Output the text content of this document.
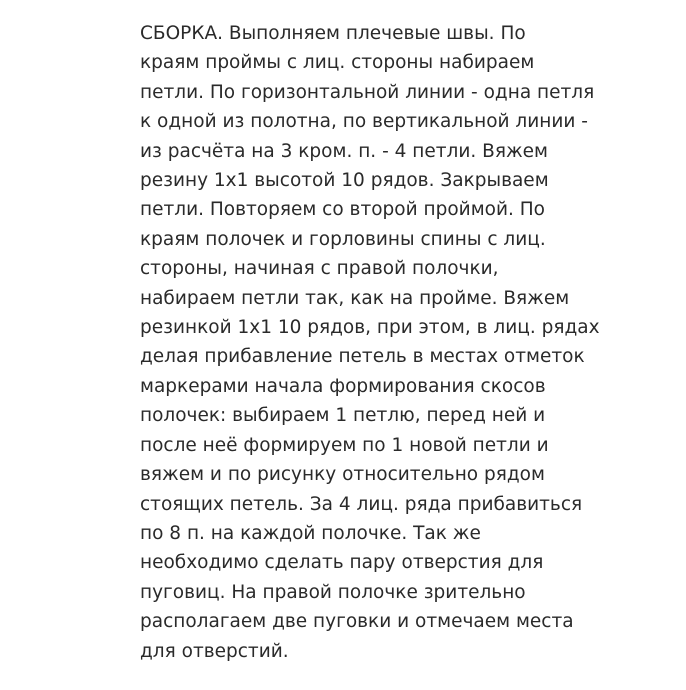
СБОРКА. Выполняем плечевые швы. По
краям проймы с лиц. стороны набираем
петли. По горизонтальной линии - одна петля
к одной из полотна, по вертикальной линии -
из расчёта на 3 кром. п. - 4 петли. Вяжем
резину 1х1 высотой 10 рядов. Закрываем
петли. Повторяем со второй проймой. По
краям полочек и горловины спины с лиц.
стороны, начиная с правой полочки,
набираем петли так, как на пройме. Вяжем
резинкой 1х1 10 рядов, при этом, в лиц. рядах
делая прибавление петель в местах отметок
маркерами начала формирования скосов
полочек: выбираем 1 петлю, перед ней и
после неё формируем по 1 новой петли и
вяжем и по рисунку относительно рядом
стоящих петель. За 4 лиц. ряда прибавиться
по 8 п. на каждой полочке. Так же
необходимо сделать пару отверстия для
пуговиц. На правой полочке зрительно
располагаем две пуговки и отмечаем места
для отверстий.
